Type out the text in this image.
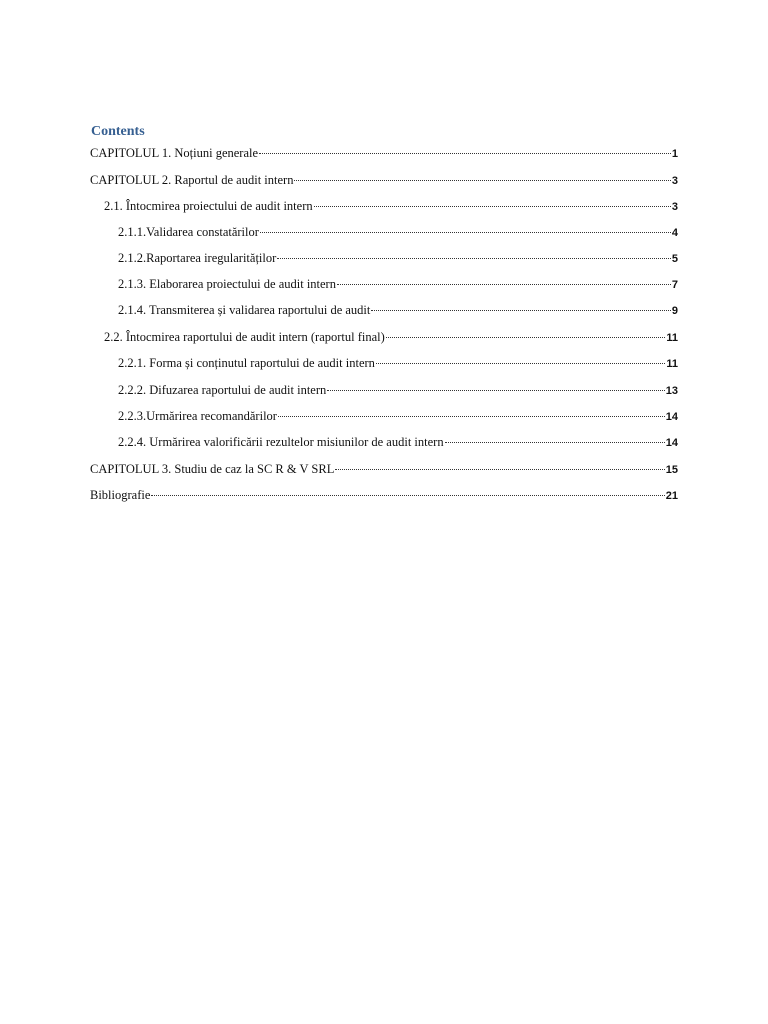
Contents
CAPITOLUL 1. Noțiuni generale	1
CAPITOLUL 2. Raportul de audit intern	3
2.1. Întocmirea proiectului de audit intern	3
2.1.1.Validarea constatărilor	4
2.1.2.Raportarea iregularităților	5
2.1.3. Elaborarea proiectului de audit intern	7
2.1.4. Transmiterea și validarea raportului de audit	9
2.2. Întocmirea raportului de audit intern (raportul final)	11
2.2.1. Forma și conținutul raportului de audit intern	11
2.2.2. Difuzarea raportului de audit intern	13
2.2.3.Urmărirea recomandărilor	14
2.2.4. Urmărirea valorificării rezultelor misiunilor de audit intern	14
CAPITOLUL 3. Studiu de caz la SC R & V SRL	15
Bibliografie	21
